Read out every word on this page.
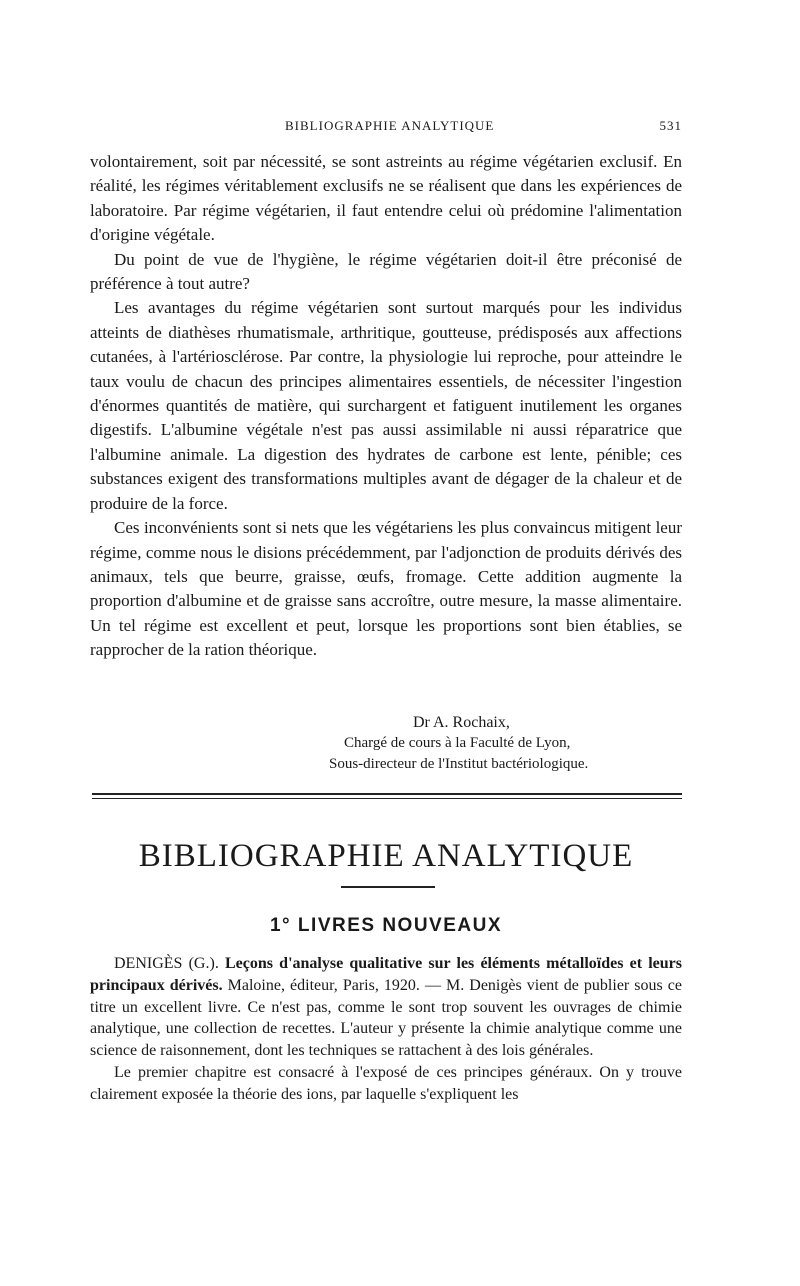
BIBLIOGRAPHIE ANALYTIQUE	531

volontairement, soit par nécessité, se sont astreints au régime végétarien exclusif. En réalité, les régimes véritablement exclusifs ne se réalisent que dans les expériences de laboratoire. Par régime végétarien, il faut entendre celui où prédomine l'alimentation d'origine végétale.

Du point de vue de l'hygiène, le régime végétarien doit-il être préconisé de préférence à tout autre?

Les avantages du régime végétarien sont surtout marqués pour les individus atteints de diathèses rhumatismale, arthritique, goutteuse, prédisposés aux affections cutanées, à l'artériosclérose. Par contre, la physiologie lui reproche, pour atteindre le taux voulu de chacun des principes alimentaires essentiels, de nécessiter l'ingestion d'énormes quantités de matière, qui surchargent et fatiguent inutilement les organes digestifs. L'albumine végétale n'est pas aussi assimilable ni aussi réparatrice que l'albumine animale. La digestion des hydrates de carbone est lente, pénible; ces substances exigent des transformations multiples avant de dégager de la chaleur et de produire de la force.

Ces inconvénients sont si nets que les végétariens les plus convaincus mitigent leur régime, comme nous le disions précédemment, par l'adjonction de produits dérivés des animaux, tels que beurre, graisse, œufs, fromage. Cette addition augmente la proportion d'albumine et de graisse sans accroître, outre mesure, la masse alimentaire. Un tel régime est excellent et peut, lorsque les proportions sont bien établies, se rapprocher de la ration théorique.

Dr A. Rochaix,
Chargé de cours à la Faculté de Lyon,
Sous-directeur de l'Institut bactériologique.
BIBLIOGRAPHIE ANALYTIQUE
1° LIVRES NOUVEAUX

DENIGÈS (G.). Leçons d'analyse qualitative sur les éléments métalloïdes et leurs principaux dérivés. Maloine, éditeur, Paris, 1920. — M. Denigès vient de publier sous ce titre un excellent livre. Ce n'est pas, comme le sont trop souvent les ouvrages de chimie analytique, une collection de recettes. L'auteur y présente la chimie analytique comme une science de raisonnement, dont les techniques se rattachent à des lois générales.

Le premier chapitre est consacré à l'exposé de ces principes généraux. On y trouve clairement exposée la théorie des ions, par laquelle s'expliquent les
